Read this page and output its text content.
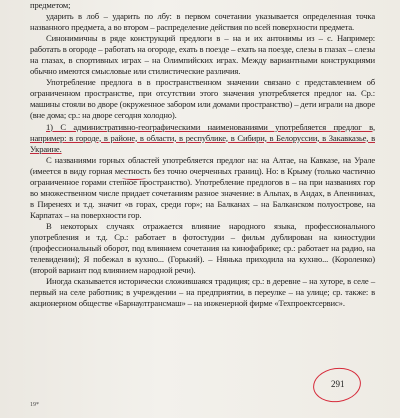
предметом;

ударить в лоб – ударить по лбу: в первом сочетании указывается определенная точка названного предмета, а во втором – распределение действия по всей поверхности предмета.

Синонимичны в ряде конструкций предлоги в – на и их антонимы из – с. Например: работать в огороде – работать на огороде, ехать в поезде – ехать на поезде, слезы в глазах – слезы на глазах, в спортивных играх – на Олимпийских играх. Между вариантными конструкциями обычно имеются смысловые или стилистические различия.

Употребление предлога в в пространственном значении связано с представлением об ограниченном пространстве, при отсутствии этого значения употребляется предлог на. Ср.: машины стояли во дворе (окруженное забором или домами пространство) – дети играли на дворе (вне дома; ср.: на дворе сегодня холодно).

1) С административно-географическими наименованиями употребляется предлог в, например: в городе, в районе, в области, в республике, в Сибири, в Белоруссии, в Закавказье, в Украине.

С названиями горных областей употребляется предлог на: на Алтае, на Кавказе, на Урале (имеется в виду горная местность без точно очерченных границ). Но: в Крыму (только частично ограниченное горами степное пространство). Употребление предлогов в – на при названиях гор во множественном числе придает сочетаниям разное значение: в Альпах, в Андах, в Апеннинах, в Пиренеях и т.д. значит «в горах, среди гор»; на Балканах – на Балканском полуострове, на Карпатах – на поверхности гор.

В некоторых случаях отражается влияние народного языка, профессионального употребления и т.д. Ср.: работает в фотостудии – фильм дублирован на киностудии (профессиональный оборот, под влиянием сочетания на кинофабрике; ср.: работает на радио, на телевидении); Я побежал в кухню... (Горький). – Нянька приходила на кухню... (Короленко) (второй вариант под влиянием народной речи).

Иногда сказывается исторически сложившаяся традиция; ср.: в деревне – на хуторе, в селе – первый на селе работник; в учреждении – на предприятии, в переулке – на улице; ср. также: в акционерном обществе «Барнаултрансмаш» – на инженерной фирме «Техпроектсервис».

291
19*
